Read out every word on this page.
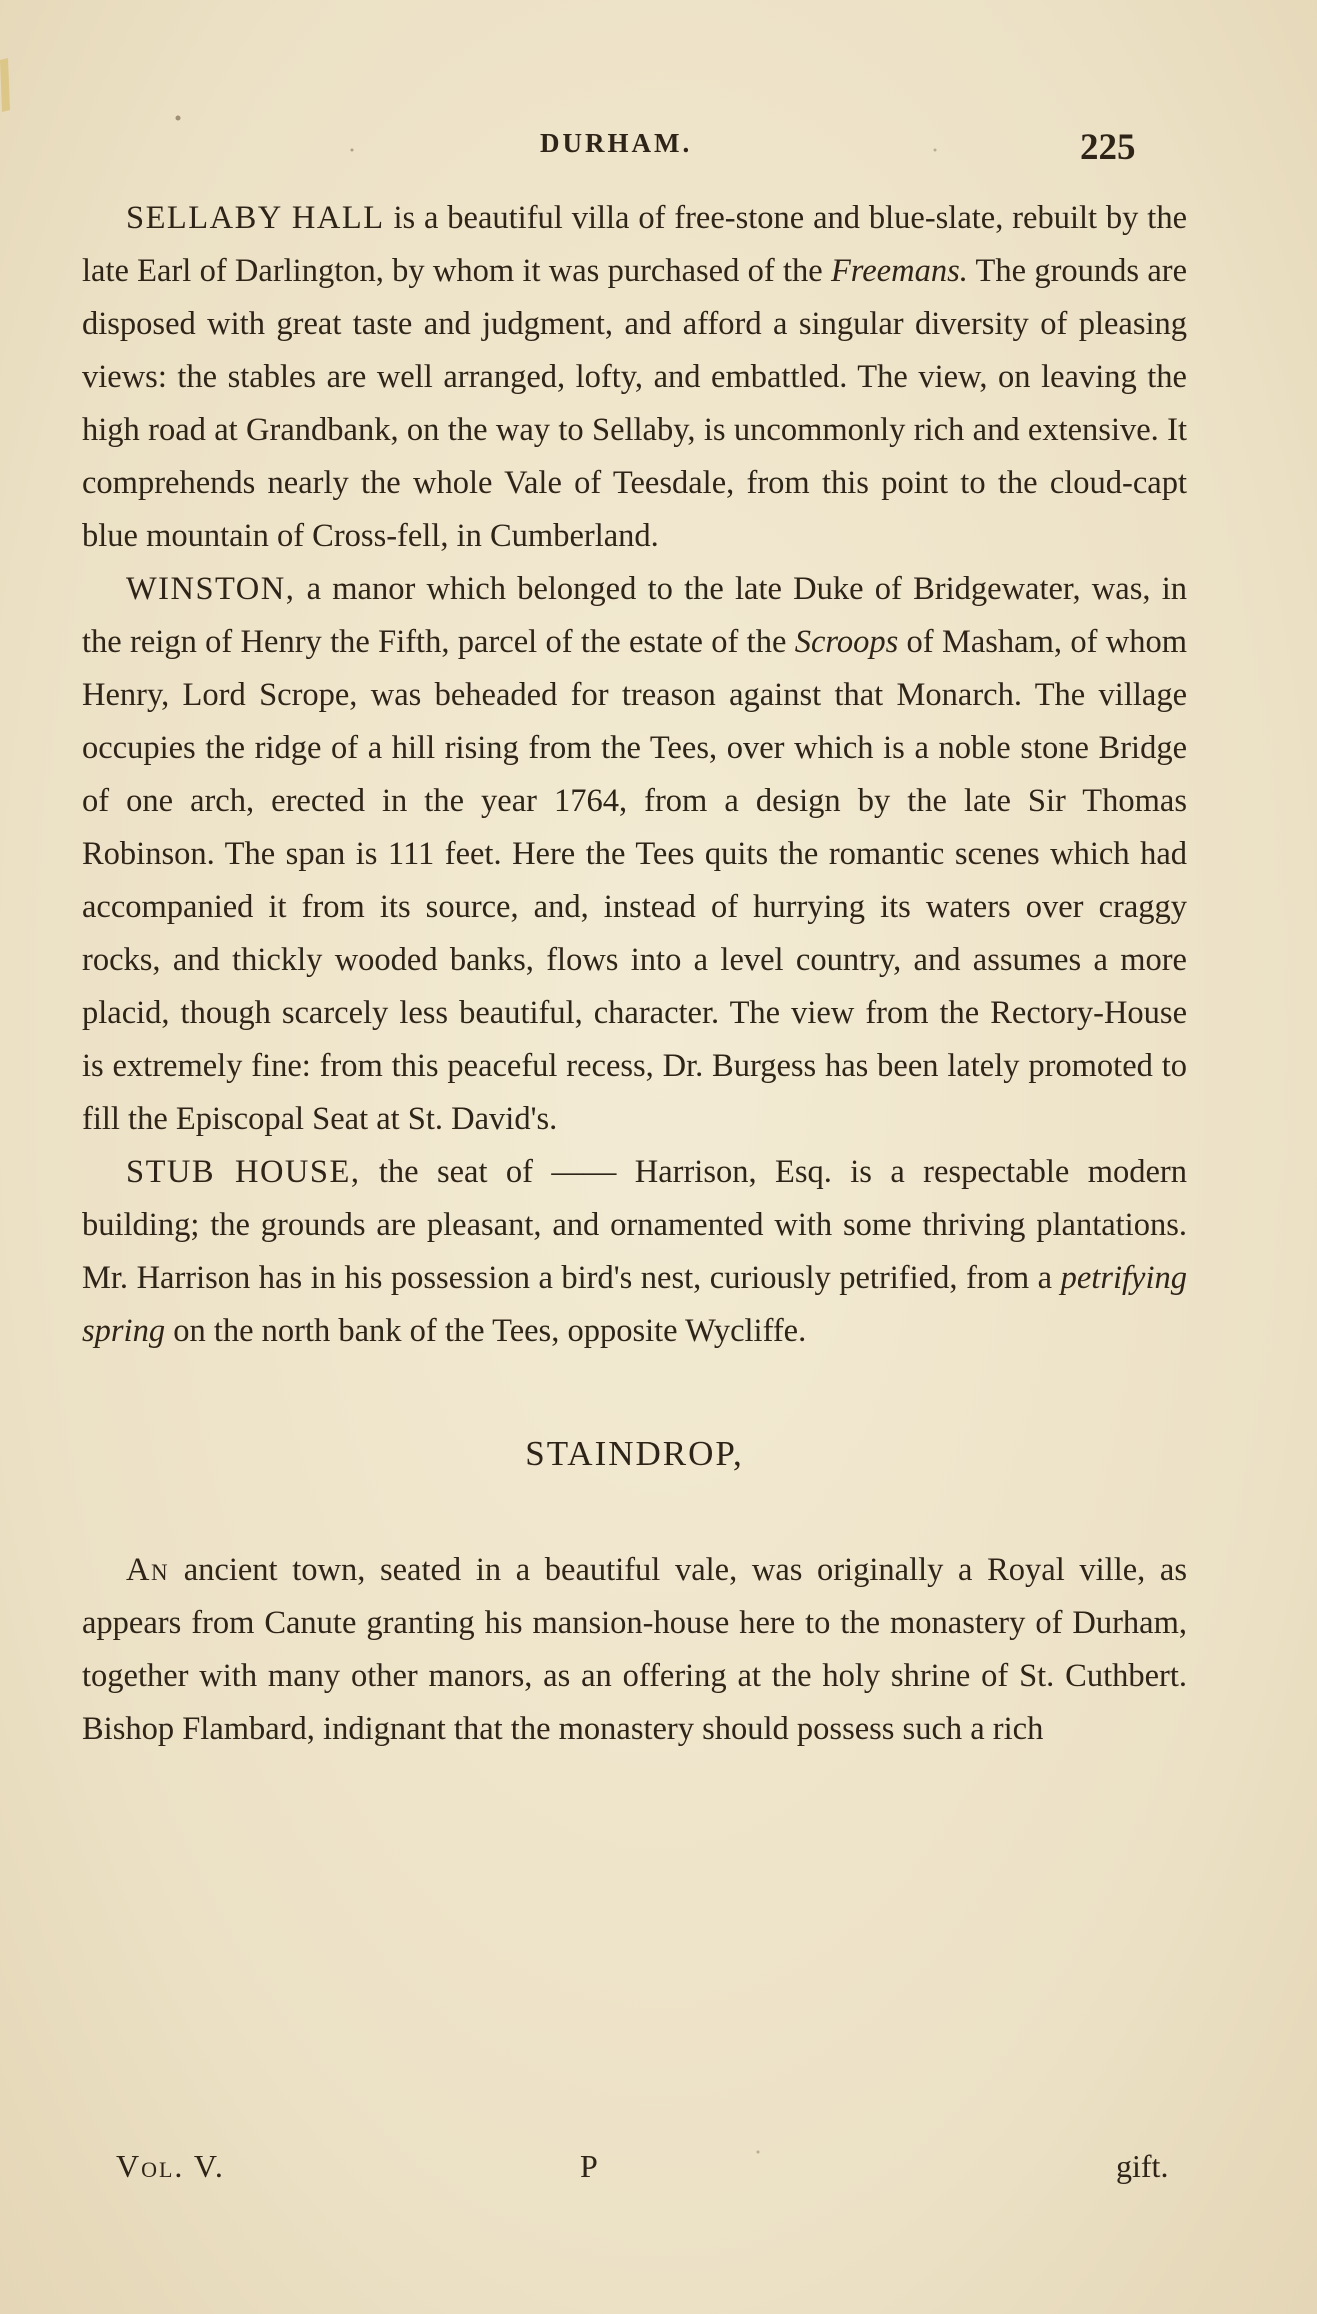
DURHAM.	225

SELLABY HALL is a beautiful villa of free-stone and blue-slate, rebuilt by the late Earl of Darlington, by whom it was purchased of the Freemans. The grounds are disposed with great taste and judgment, and afford a singular diversity of pleasing views: the stables are well arranged, lofty, and embattled. The view, on leaving the high road at Grandbank, on the way to Sellaby, is uncommonly rich and extensive. It comprehends nearly the whole Vale of Teesdale, from this point to the cloud-capt blue mountain of Cross-fell, in Cumberland.

WINSTON, a manor which belonged to the late Duke of Bridgewater, was, in the reign of Henry the Fifth, parcel of the estate of the Scroops of Masham, of whom Henry, Lord Scrope, was beheaded for treason against that Monarch. The village occupies the ridge of a hill rising from the Tees, over which is a noble stone Bridge of one arch, erected in the year 1764, from a design by the late Sir Thomas Robinson. The span is 111 feet. Here the Tees quits the romantic scenes which had accompanied it from its source, and, instead of hurrying its waters over craggy rocks, and thickly wooded banks, flows into a level country, and assumes a more placid, though scarcely less beautiful, character. The view from the Rectory-House is extremely fine: from this peaceful recess, Dr. Burgess has been lately promoted to fill the Episcopal Seat at St. David's.

STUB HOUSE, the seat of —— Harrison, Esq. is a respectable modern building; the grounds are pleasant, and ornamented with some thriving plantations. Mr. Harrison has in his possession a bird's nest, curiously petrified, from a petrifying spring on the north bank of the Tees, opposite Wycliffe.

STAINDROP,

An ancient town, seated in a beautiful vale, was originally a Royal ville, as appears from Canute granting his mansion-house here to the monastery of Durham, together with many other manors, as an offering at the holy shrine of St. Cuthbert. Bishop Flambard, indignant that the monastery should possess such a rich

Vol. V.	P	gift.
